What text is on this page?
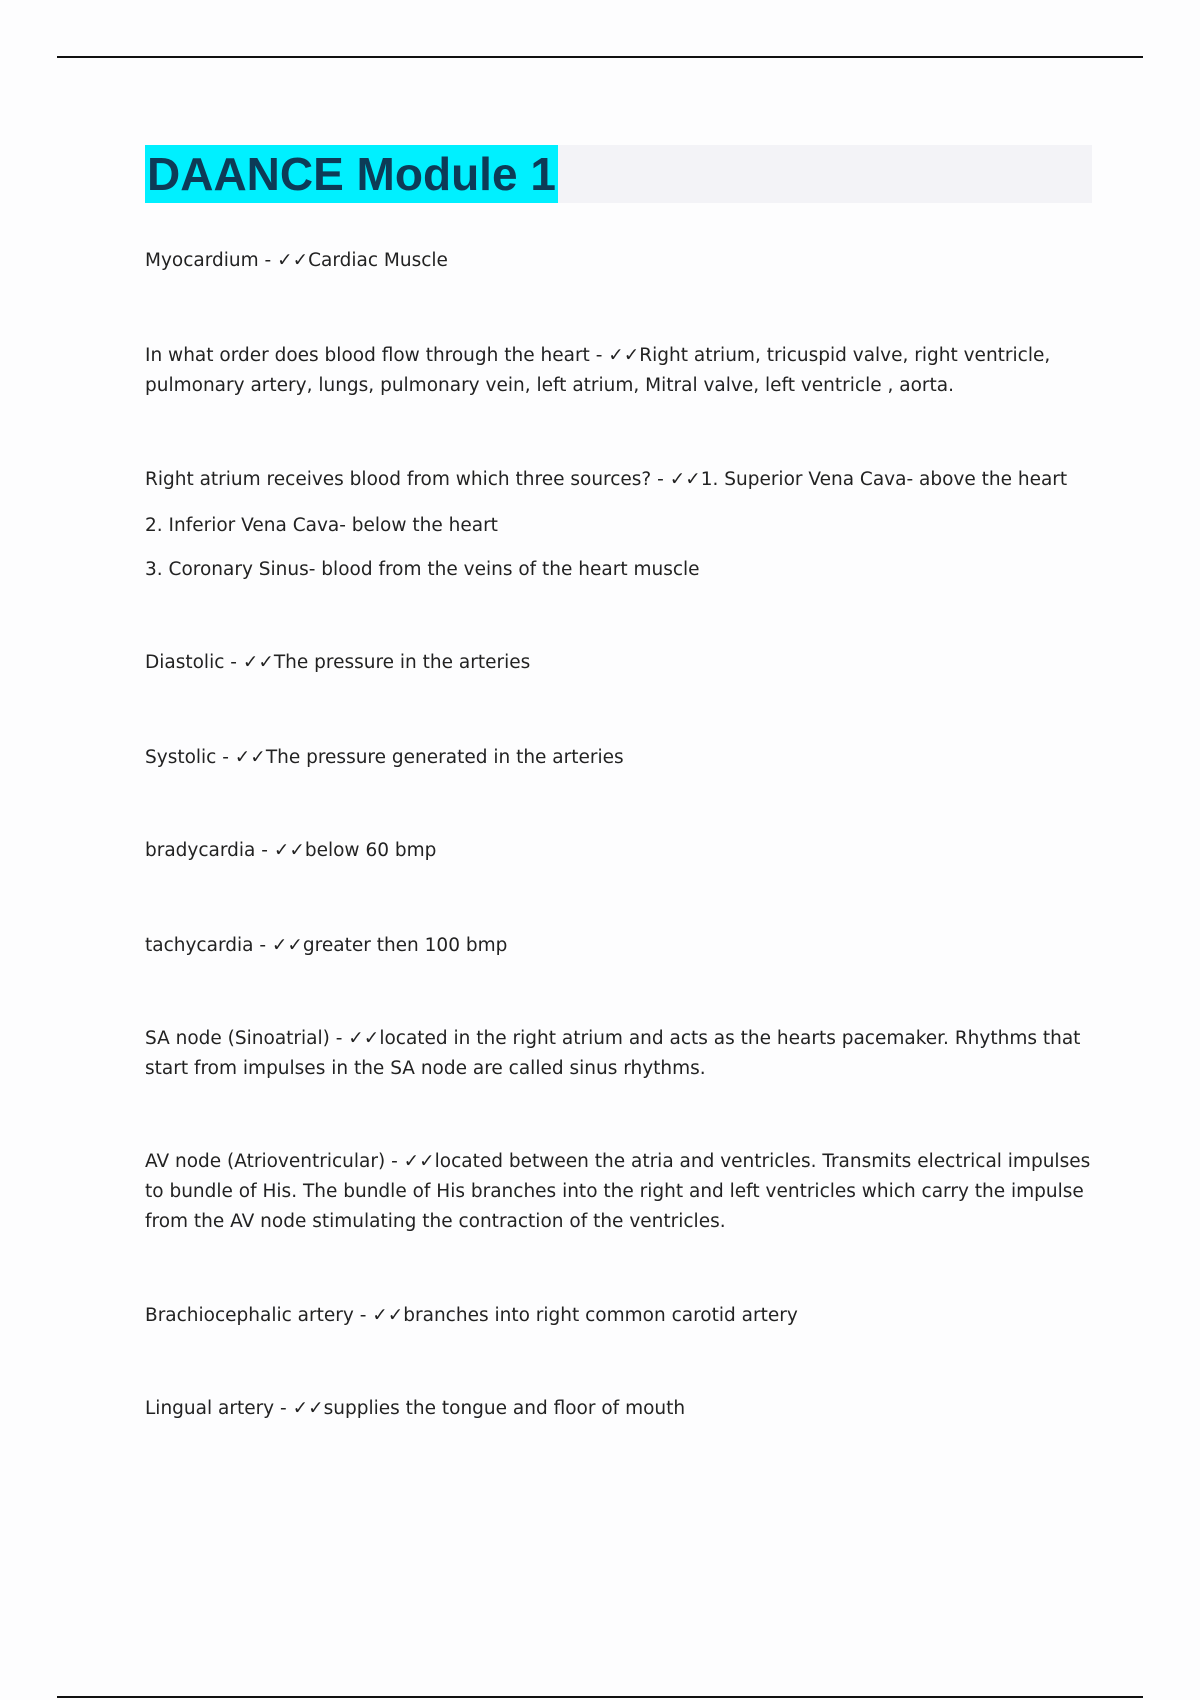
DAANCE Module 1
Myocardium - ✓✓Cardiac Muscle
In what order does blood flow through the heart - ✓✓Right atrium, tricuspid valve, right ventricle, pulmonary artery, lungs, pulmonary vein, left atrium, Mitral valve, left ventricle , aorta.
Right atrium receives blood from which three sources? - ✓✓1. Superior Vena Cava- above the heart
2. Inferior Vena Cava- below the heart
3. Coronary Sinus- blood from the veins of the heart muscle
Diastolic - ✓✓The pressure in the arteries
Systolic - ✓✓The pressure generated in the arteries
bradycardia - ✓✓below 60 bmp
tachycardia - ✓✓greater then 100 bmp
SA node (Sinoatrial) - ✓✓located in the right atrium and acts as the hearts pacemaker. Rhythms that start from impulses in the SA node are called sinus rhythms.
AV node (Atrioventricular) - ✓✓located between the atria and ventricles. Transmits electrical impulses to bundle of His. The bundle of His branches into the right and left ventricles which carry the impulse from the AV node stimulating the contraction of the ventricles.
Brachiocephalic artery - ✓✓branches into right common carotid artery
Lingual artery - ✓✓supplies the tongue and floor of mouth
